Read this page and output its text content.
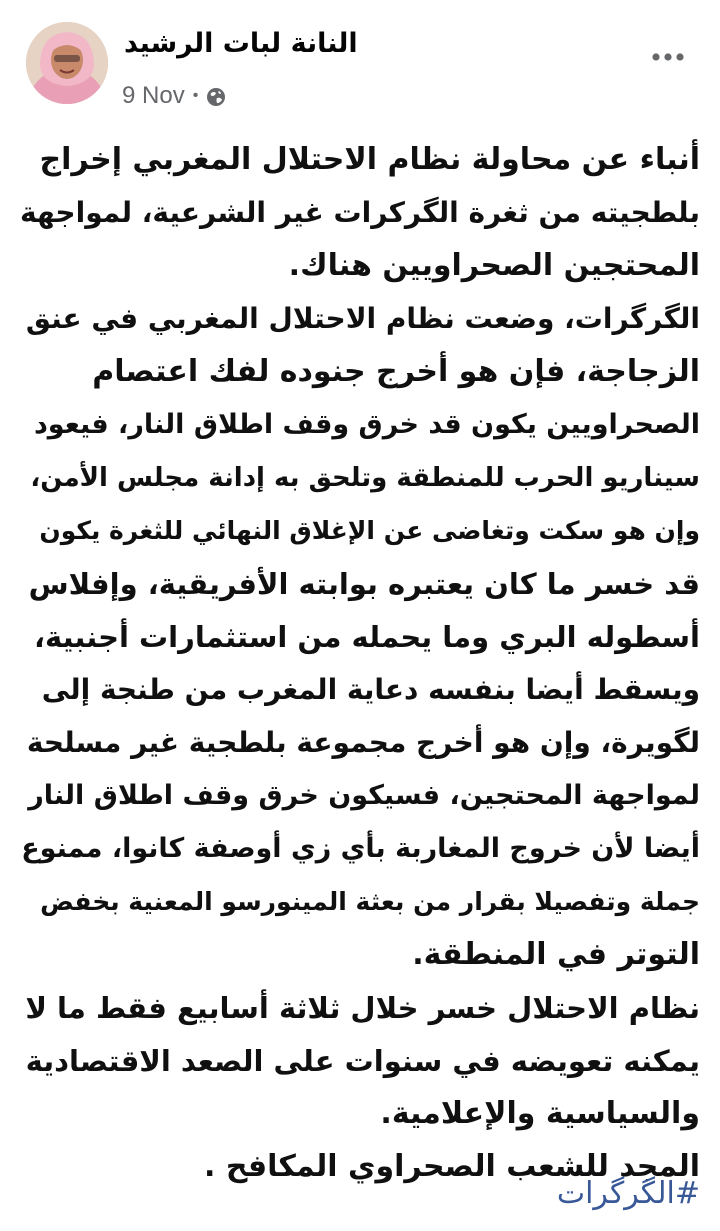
النانة لبات الرشيد
9 Nov •
أنباء عن محاولة نظام الاحتلال المغربي إخراج
بلطجيته من ثغرة الگركرات غير الشرعية، لمواجهة
المحتجين الصحراويين هناك.
الگرگرات، وضعت نظام الاحتلال المغربي في عنق
الزجاجة، فإن هو أخرج جنوده لفك اعتصام
الصحراويين يكون قد خرق وقف اطلاق النار، فيعود
سيناريو الحرب للمنطقة وتلحق به إدانة مجلس الأمن،
وإن هو سكت وتغاضى عن الإغلاق النهائي للثغرة يكون
قد خسر ما كان يعتبره بوابته الأفريقية، وإفلاس
أسطوله البري وما يحمله من استثمارات أجنبية،
ويسقط أيضا بنفسه دعاية المغرب من طنجة إلى
لگويرة، وإن هو أخرج مجموعة بلطجية غير مسلحة
لمواجهة المحتجين، فسيكون خرق وقف اطلاق النار
أيضا لأن خروج المغاربة بأي زي أوصفة كانوا، ممنوع
جملة وتفصيلا بقرار من بعثة المينورسو المعنية بخفض
التوتر في المنطقة.
نظام الاحتلال خسر خلال ثلاثة أسابيع فقط ما لا
يمكنه تعويضه في سنوات على الصعد الاقتصادية
والسياسية والإعلامية.
المجد للشعب الصحراوي المكافح .
#الگرگرات
